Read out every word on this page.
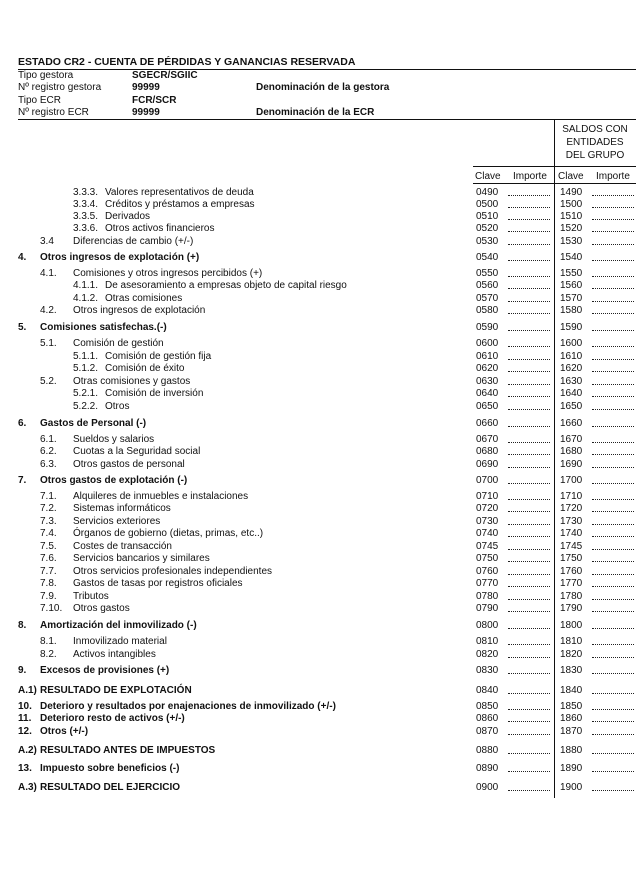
ESTADO CR2 - CUENTA DE PÉRDIDAS Y GANANCIAS RESERVADA
Tipo gestora	SGECR/SGIIC
Nº registro gestora	99999	Denominación de la gestora
Tipo ECR	FCR/SCR
Nº registro ECR	99999	Denominación de la ECR
SALDOS CON
ENTIDADES
DEL GRUPO
Clave Importe Clave Importe
3.3.3. Valores representativos de deuda	0490	1490
3.3.4. Créditos y préstamos a empresas	0500	1500
3.3.5. Derivados	0510	1510
3.3.6. Otros activos financieros	0520	1520
3.4 Diferencias de cambio (+/-)	0530	1530
4. Otros ingresos de explotación (+)	0540	1540
4.1. Comisiones y otros ingresos percibidos (+)	0550	1550
4.1.1. De asesoramiento a empresas objeto de capital riesgo	0560	1560
4.1.2. Otras comisiones	0570	1570
4.2. Otros ingresos de explotación	0580	1580
5. Comisiones satisfechas.(-)	0590	1590
5.1. Comisión de gestión	0600	1600
5.1.1. Comisión de gestión fija	0610	1610
5.1.2. Comisión de éxito	0620	1620
5.2. Otras comisiones y gastos	0630	1630
5.2.1. Comisión de inversión	0640	1640
5.2.2. Otros	0650	1650
6. Gastos de Personal (-)	0660	1660
6.1. Sueldos y salarios	0670	1670
6.2. Cuotas a la Seguridad social	0680	1680
6.3. Otros gastos de personal	0690	1690
7. Otros gastos de explotación (-)	0700	1700
7.1. Alquileres de inmuebles e instalaciones	0710	1710
7.2. Sistemas informáticos	0720	1720
7.3. Servicios exteriores	0730	1730
7.4. Órganos de gobierno (dietas, primas, etc..)	0740	1740
7.5. Costes de transacción	0745	1745
7.6. Servicios bancarios y similares	0750	1750
7.7. Otros servicios profesionales independientes	0760	1760
7.8. Gastos de tasas por registros oficiales	0770	1770
7.9. Tributos	0780	1780
7.10. Otros gastos	0790	1790
8. Amortización del inmovilizado (-)	0800	1800
8.1. Inmovilizado material	0810	1810
8.2. Activos intangibles	0820	1820
9. Excesos de provisiones (+)	0830	1830
A.1) RESULTADO DE EXPLOTACIÓN	0840	1840
10. Deterioro y resultados por enajenaciones de inmovilizado (+/-)	0850	1850
11. Deterioro resto de activos (+/-)	0860	1860
12. Otros (+/-)	0870	1870
A.2) RESULTADO ANTES DE IMPUESTOS	0880	1880
13. Impuesto sobre beneficios (-)	0890	1890
A.3) RESULTADO DEL EJERCICIO	0900	1900
